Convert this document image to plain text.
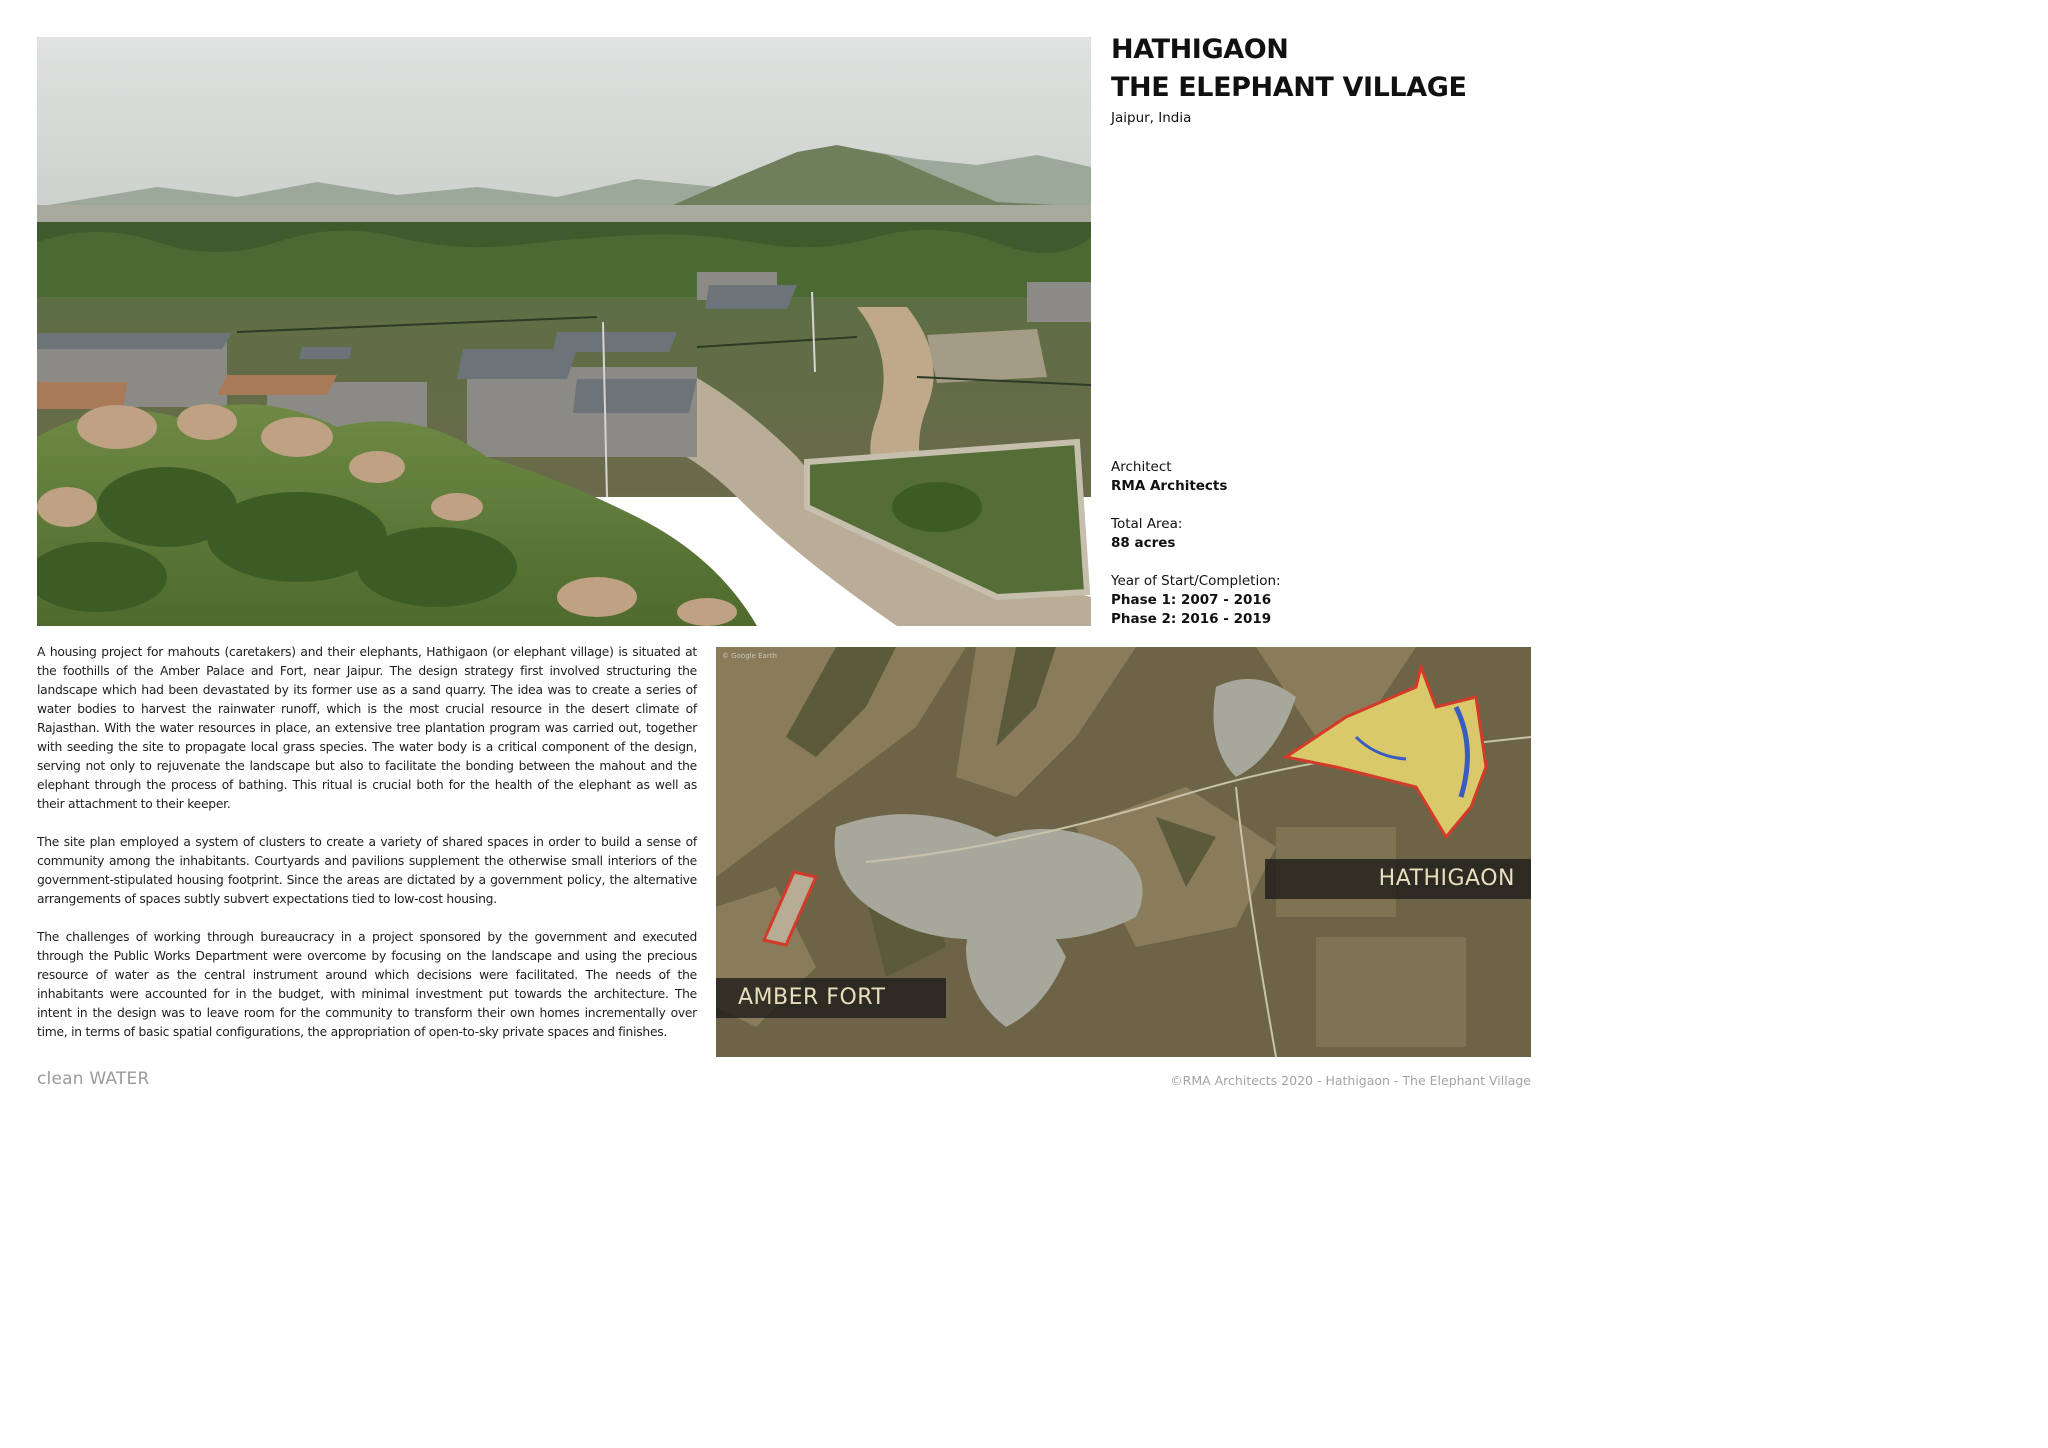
HATHIGAON
THE ELEPHANT VILLAGE
Jaipur, India
Architect
RMA Architects
Total Area:
88 acres
Year of Start/Completion:
Phase 1: 2007 - 2016
Phase 2: 2016 - 2019

A housing project for mahouts (caretakers) and their elephants, Hathigaon (or elephant village) is situated at the foothills of the Amber Palace and Fort, near Jaipur. The design strategy first involved structuring the landscape which had been devastated by its former use as a sand quarry. The idea was to create a series of water bodies to harvest the rainwater runoff, which is the most crucial resource in the desert climate of Rajasthan. With the water resources in place, an extensive tree plantation program was carried out, together with seeding the site to propagate local grass species. The water body is a critical component of the design, serving not only to rejuvenate the landscape but also to facilitate the bonding between the mahout and the elephant through the process of bathing. This ritual is crucial both for the health of the elephant as well as their attachment to their keeper.

The site plan employed a system of clusters to create a variety of shared spaces in order to build a sense of community among the inhabitants. Courtyards and pavilions supplement the otherwise small interiors of the government-stipulated housing footprint. Since the areas are dictated by a government policy, the alternative arrangements of spaces subtly subvert expectations tied to low-cost housing.

The challenges of working through bureaucracy in a project sponsored by the government and executed through the Public Works Department were overcome by focusing on the landscape and using the precious resource of water as the central instrument around which decisions were facilitated. The needs of the inhabitants were accounted for in the budget, with minimal investment put towards the architecture. The intent in the design was to leave room for the community to transform their own homes incrementally over time, in terms of basic spatial configurations, the appropriation of open-to-sky private spaces and finishes.

© Google Earth
HATHIGAON
AMBER FORT
clean WATER	©RMA Architects 2020 - Hathigaon - The Elephant Village
